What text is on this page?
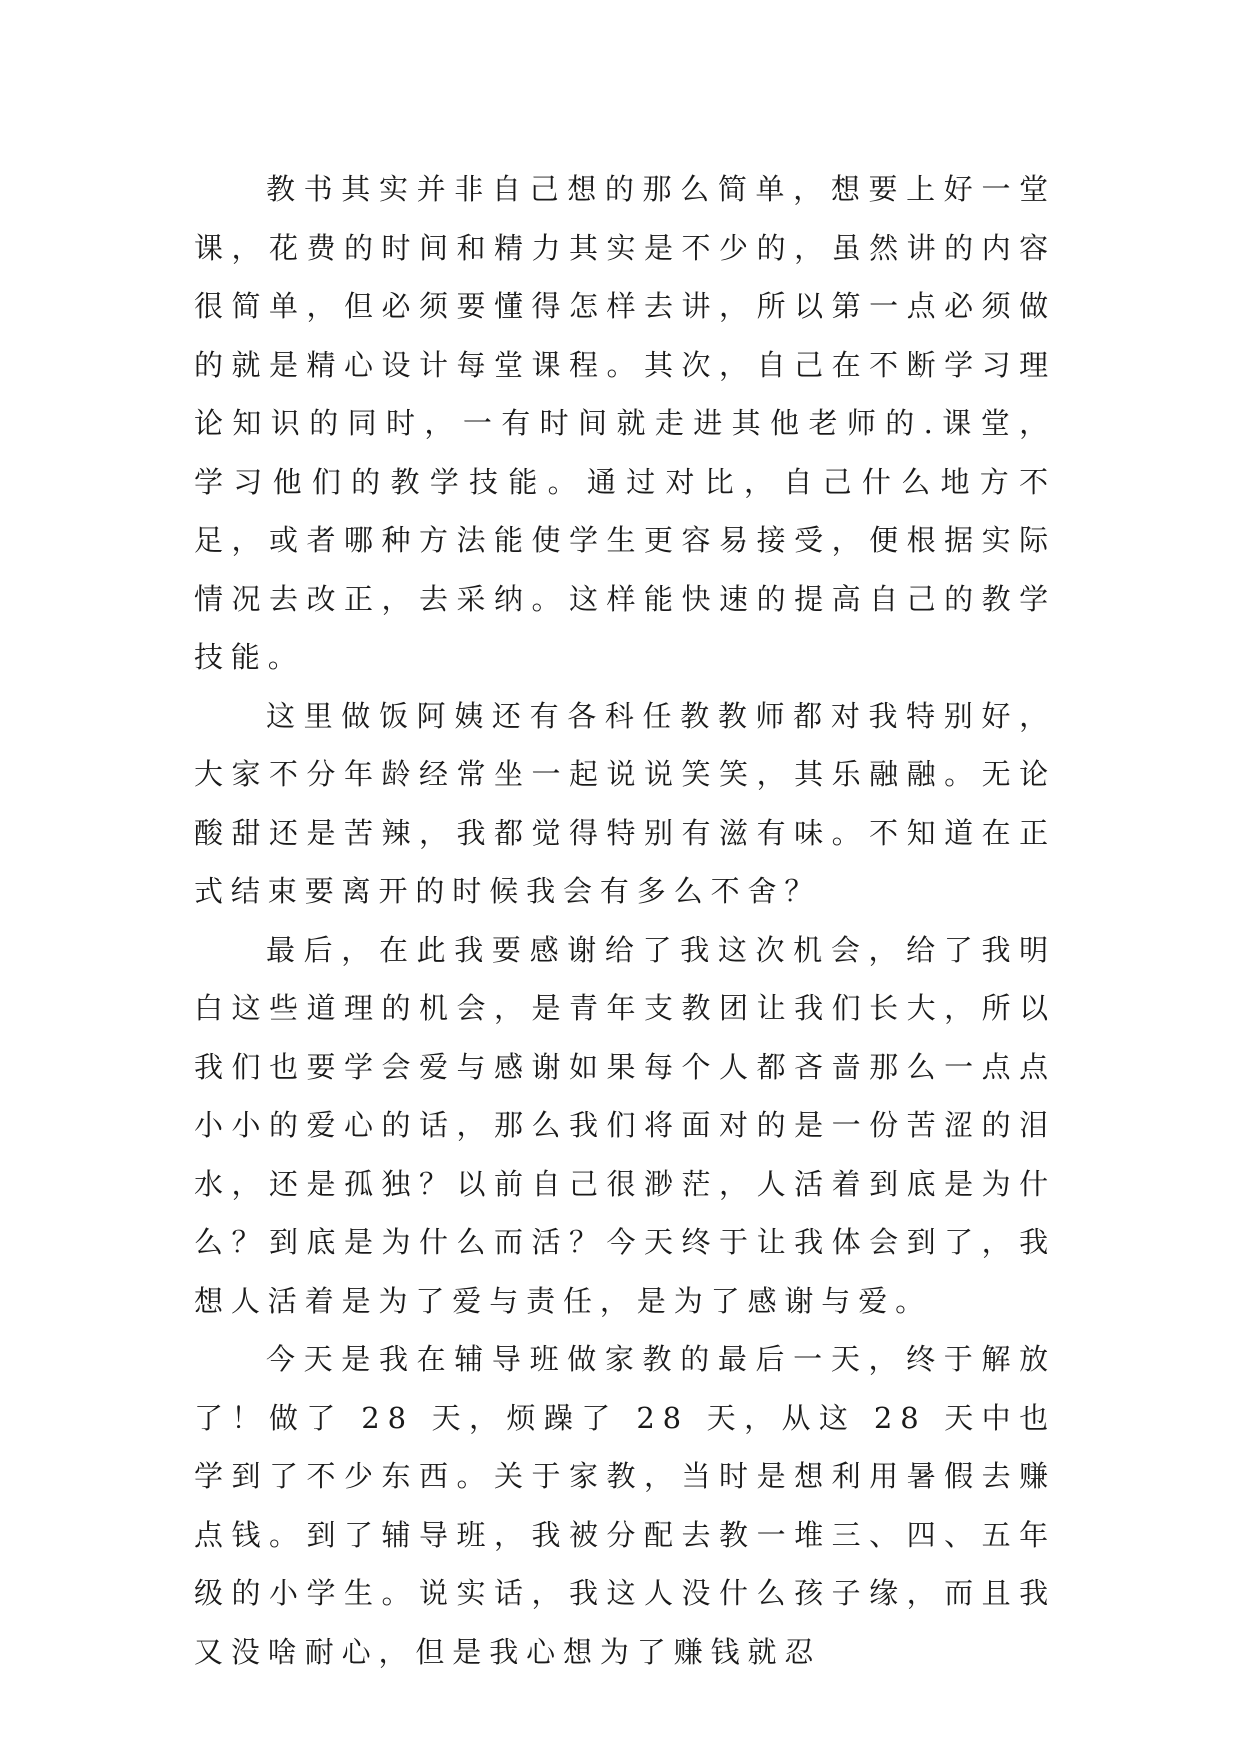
教书其实并非自己想的那么简单，想要上好一堂课，花费的时间和精力其实是不少的，虽然讲的内容很简单，但必须要懂得怎样去讲，所以第一点必须做的就是精心设计每堂课程。其次，自己在不断学习理论知识的同时，一有时间就走进其他老师的.课堂，学习他们的教学技能。通过对比，自己什么地方不足，或者哪种方法能使学生更容易接受，便根据实际情况去改正，去采纳。这样能快速的提高自己的教学技能。

这里做饭阿姨还有各科任教教师都对我特别好，大家不分年龄经常坐一起说说笑笑，其乐融融。无论酸甜还是苦辣，我都觉得特别有滋有味。不知道在正式结束要离开的时候我会有多么不舍？

最后，在此我要感谢给了我这次机会，给了我明白这些道理的机会，是青年支教团让我们长大，所以我们也要学会爱与感谢如果每个人都吝啬那么一点点小小的爱心的话，那么我们将面对的是一份苦涩的泪水，还是孤独？以前自己很渺茫，人活着到底是为什么？到底是为什么而活？今天终于让我体会到了，我想人活着是为了爱与责任，是为了感谢与爱。

今天是我在辅导班做家教的最后一天，终于解放了！做了 28 天，烦躁了 28 天，从这 28 天中也学到了不少东西。关于家教，当时是想利用暑假去赚点钱。到了辅导班，我被分配去教一堆三、四、五年级的小学生。说实话，我这人没什么孩子缘，而且我又没啥耐心，但是我心想为了赚钱就忍
